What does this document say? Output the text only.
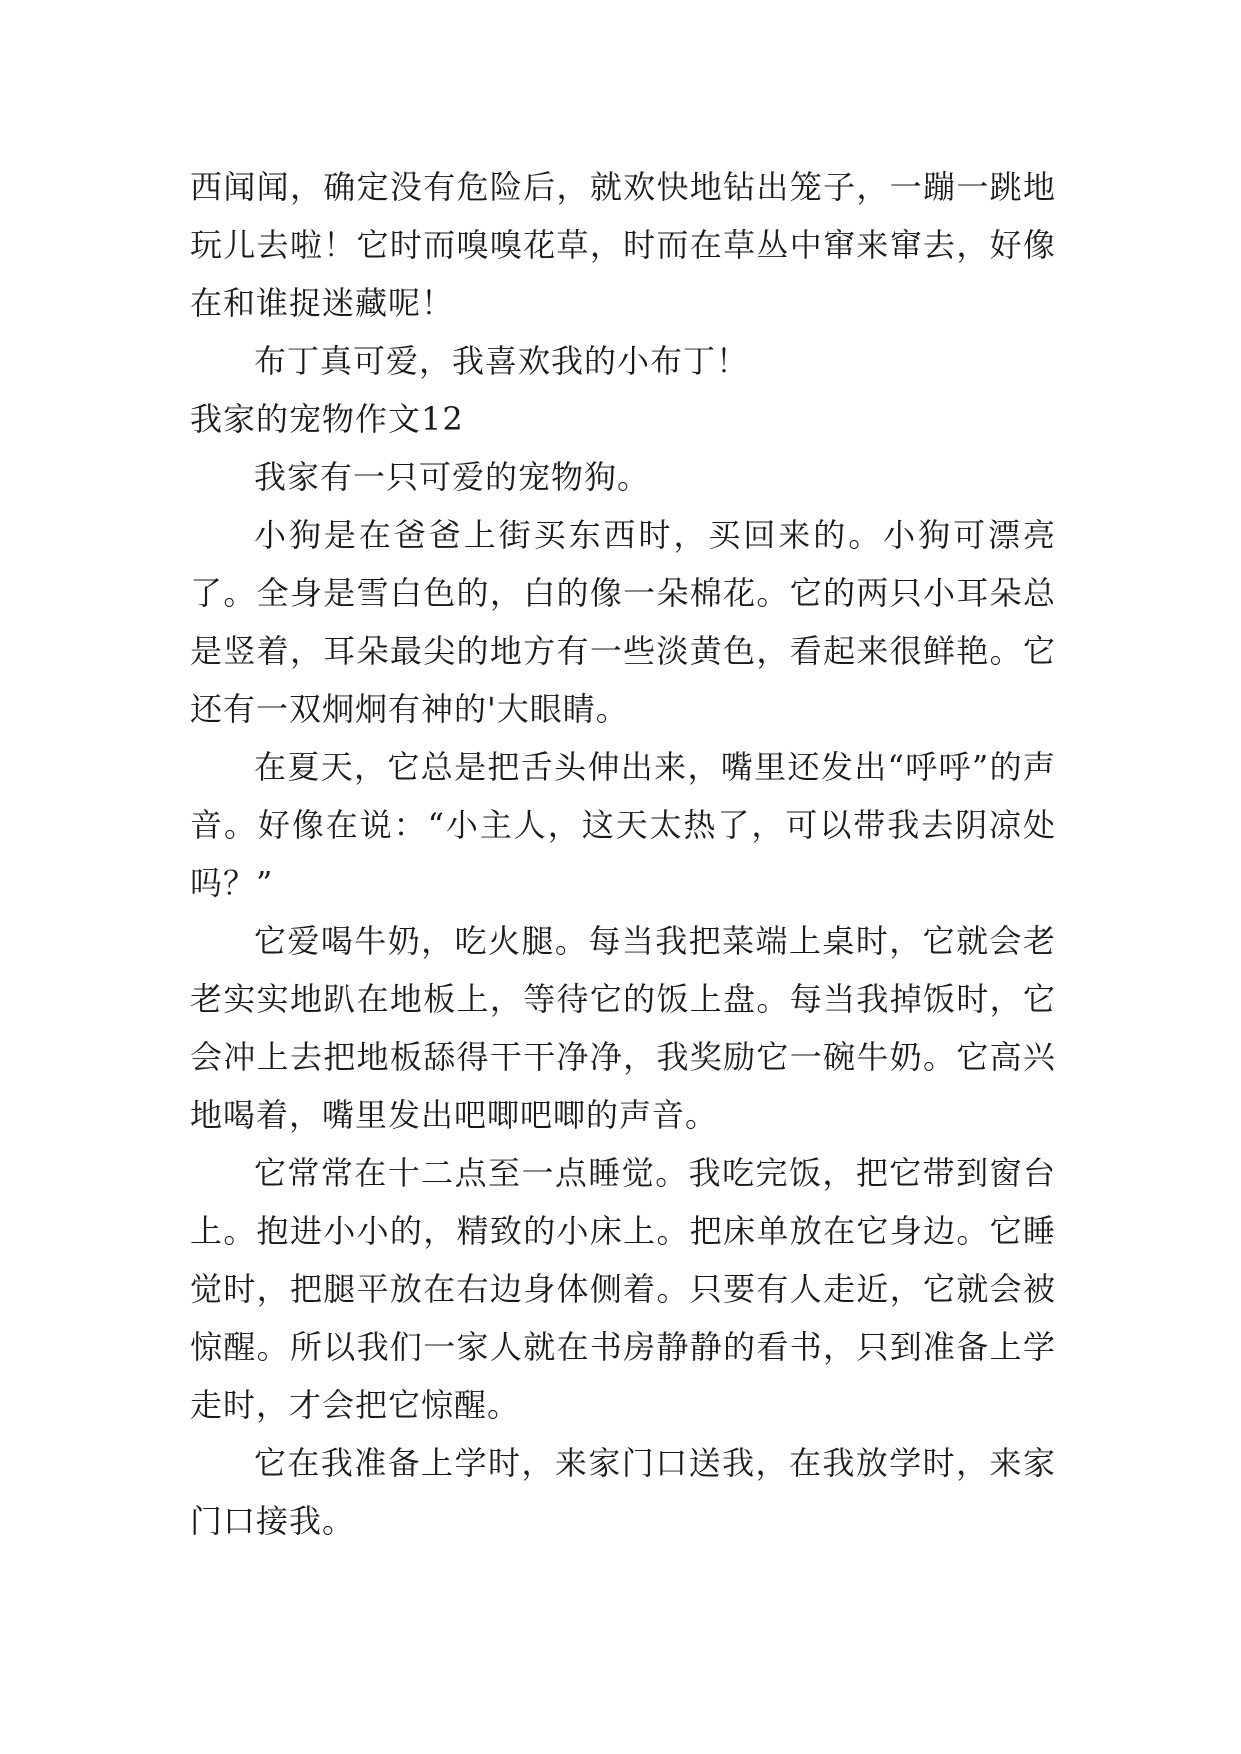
西闻闻，确定没有危险后，就欢快地钻出笼子，一蹦一跳地玩儿去啦！它时而嗅嗅花草，时而在草丛中窜来窜去，好像在和谁捉迷藏呢！

布丁真可爱，我喜欢我的小布丁！

我家的宠物作文12

我家有一只可爱的宠物狗。

小狗是在爸爸上街买东西时，买回来的。小狗可漂亮了。全身是雪白色的，白的像一朵棉花。它的两只小耳朵总是竖着，耳朵最尖的地方有一些淡黄色，看起来很鲜艳。它还有一双炯炯有神的'大眼睛。

在夏天，它总是把舌头伸出来，嘴里还发出“呼呼”的声音。好像在说：“小主人，这天太热了，可以带我去阴凉处吗？”

它爱喝牛奶，吃火腿。每当我把菜端上桌时，它就会老老实实地趴在地板上，等待它的饭上盘。每当我掉饭时，它会冲上去把地板舔得干干净净，我奖励它一碗牛奶。它高兴地喝着，嘴里发出吧唧吧唧的声音。

它常常在十二点至一点睡觉。我吃完饭，把它带到窗台上。抱进小小的，精致的小床上。把床单放在它身边。它睡觉时，把腿平放在右边身体侧着。只要有人走近，它就会被惊醒。所以我们一家人就在书房静静的看书，只到准备上学走时，才会把它惊醒。

它在我准备上学时，来家门口送我，在我放学时，来家门口接我。
